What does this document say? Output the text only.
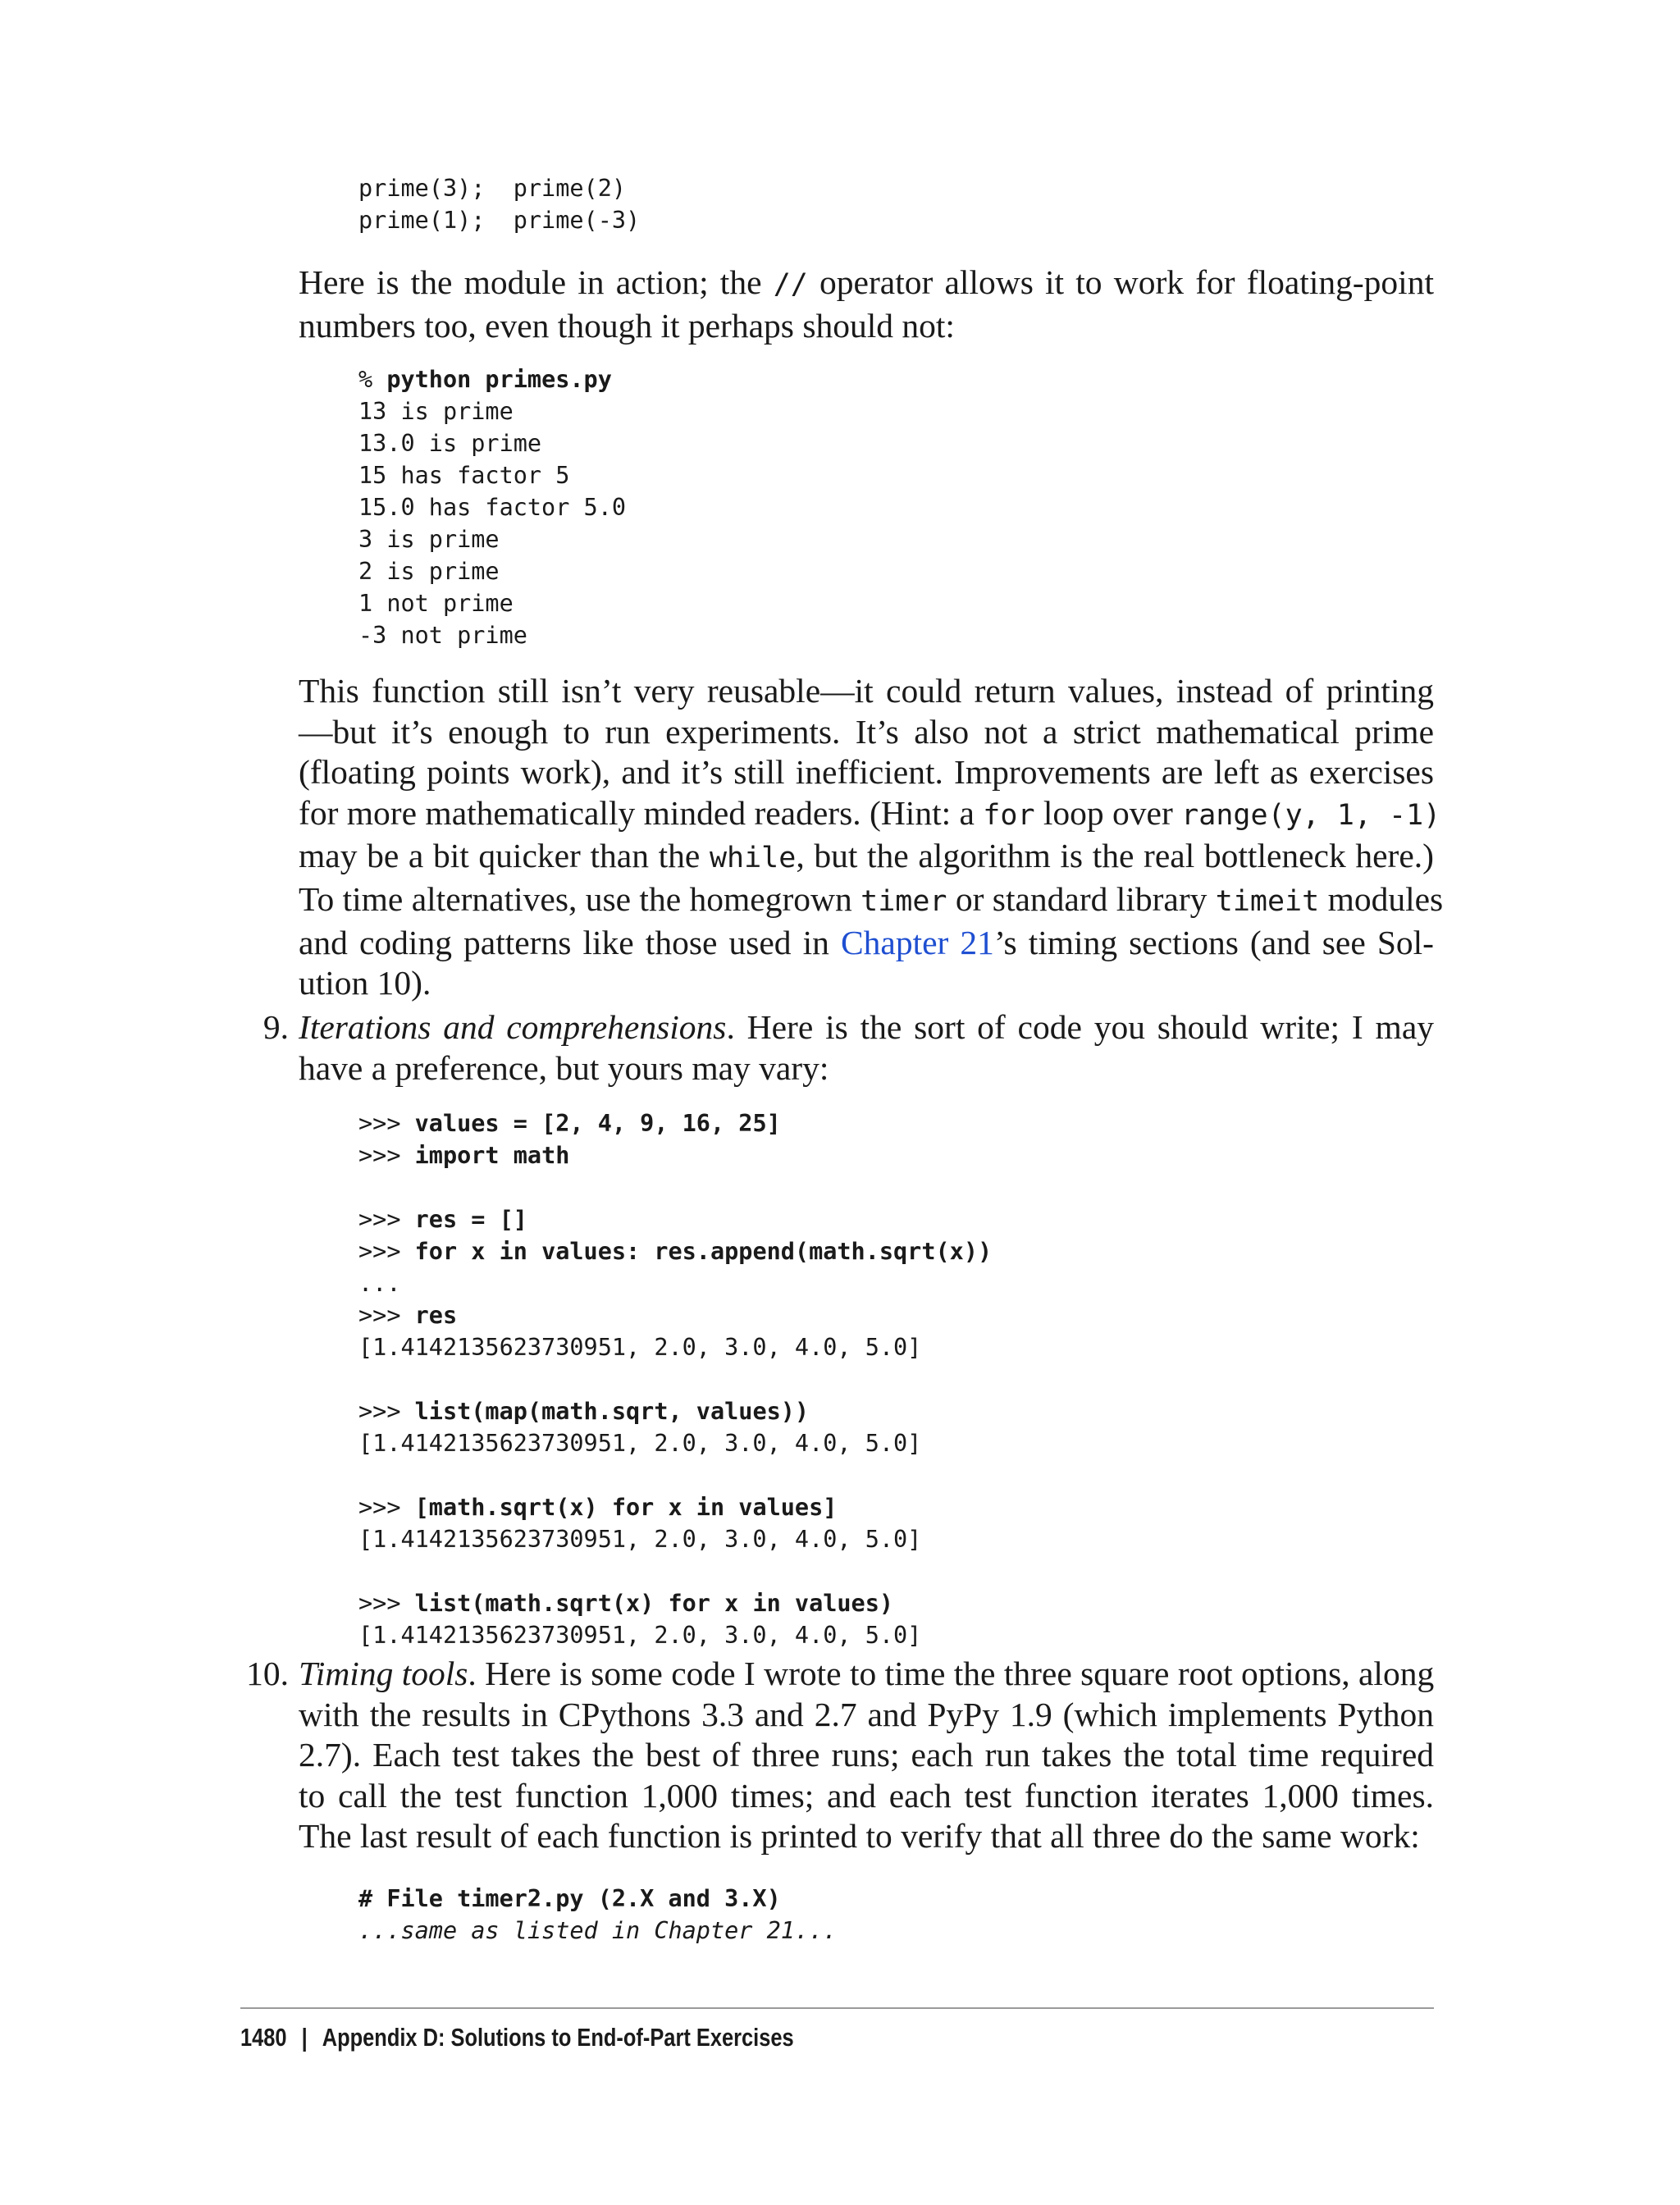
prime(3);  prime(2)
prime(1);  prime(-3)
Here is the module in action; the // operator allows it to work for floating-point
numbers too, even though it perhaps should not:
% python primes.py
13 is prime
13.0 is prime
15 has factor 5
15.0 has factor 5.0
3 is prime
2 is prime
1 not prime
-3 not prime
This function still isn’t very reusable—it could return values, instead of printing
—but it’s enough to run experiments. It’s also not a strict mathematical prime
(floating points work), and it’s still inefficient. Improvements are left as exercises
for more mathematically minded readers. (Hint: a for loop over range(y, 1, -1)
may be a bit quicker than the while, but the algorithm is the real bottleneck here.)
To time alternatives, use the homegrown timer or standard library timeit modules
and coding patterns like those used in Chapter 21’s timing sections (and see Sol-
ution 10).
9. Iterations and comprehensions. Here is the sort of code you should write; I may
have a preference, but yours may vary:
>>> values = [2, 4, 9, 16, 25]
>>> import math

>>> res = []
>>> for x in values: res.append(math.sqrt(x))
...
>>> res
[1.4142135623730951, 2.0, 3.0, 4.0, 5.0]

>>> list(map(math.sqrt, values))
[1.4142135623730951, 2.0, 3.0, 4.0, 5.0]

>>> [math.sqrt(x) for x in values]
[1.4142135623730951, 2.0, 3.0, 4.0, 5.0]

>>> list(math.sqrt(x) for x in values)
[1.4142135623730951, 2.0, 3.0, 4.0, 5.0]
10. Timing tools. Here is some code I wrote to time the three square root options, along
with the results in CPythons 3.3 and 2.7 and PyPy 1.9 (which implements Python
2.7). Each test takes the best of three runs; each run takes the total time required
to call the test function 1,000 times; and each test function iterates 1,000 times.
The last result of each function is printed to verify that all three do the same work:
# File timer2.py (2.X and 3.X)
...same as listed in Chapter 21...
1480 | Appendix D: Solutions to End-of-Part Exercises
